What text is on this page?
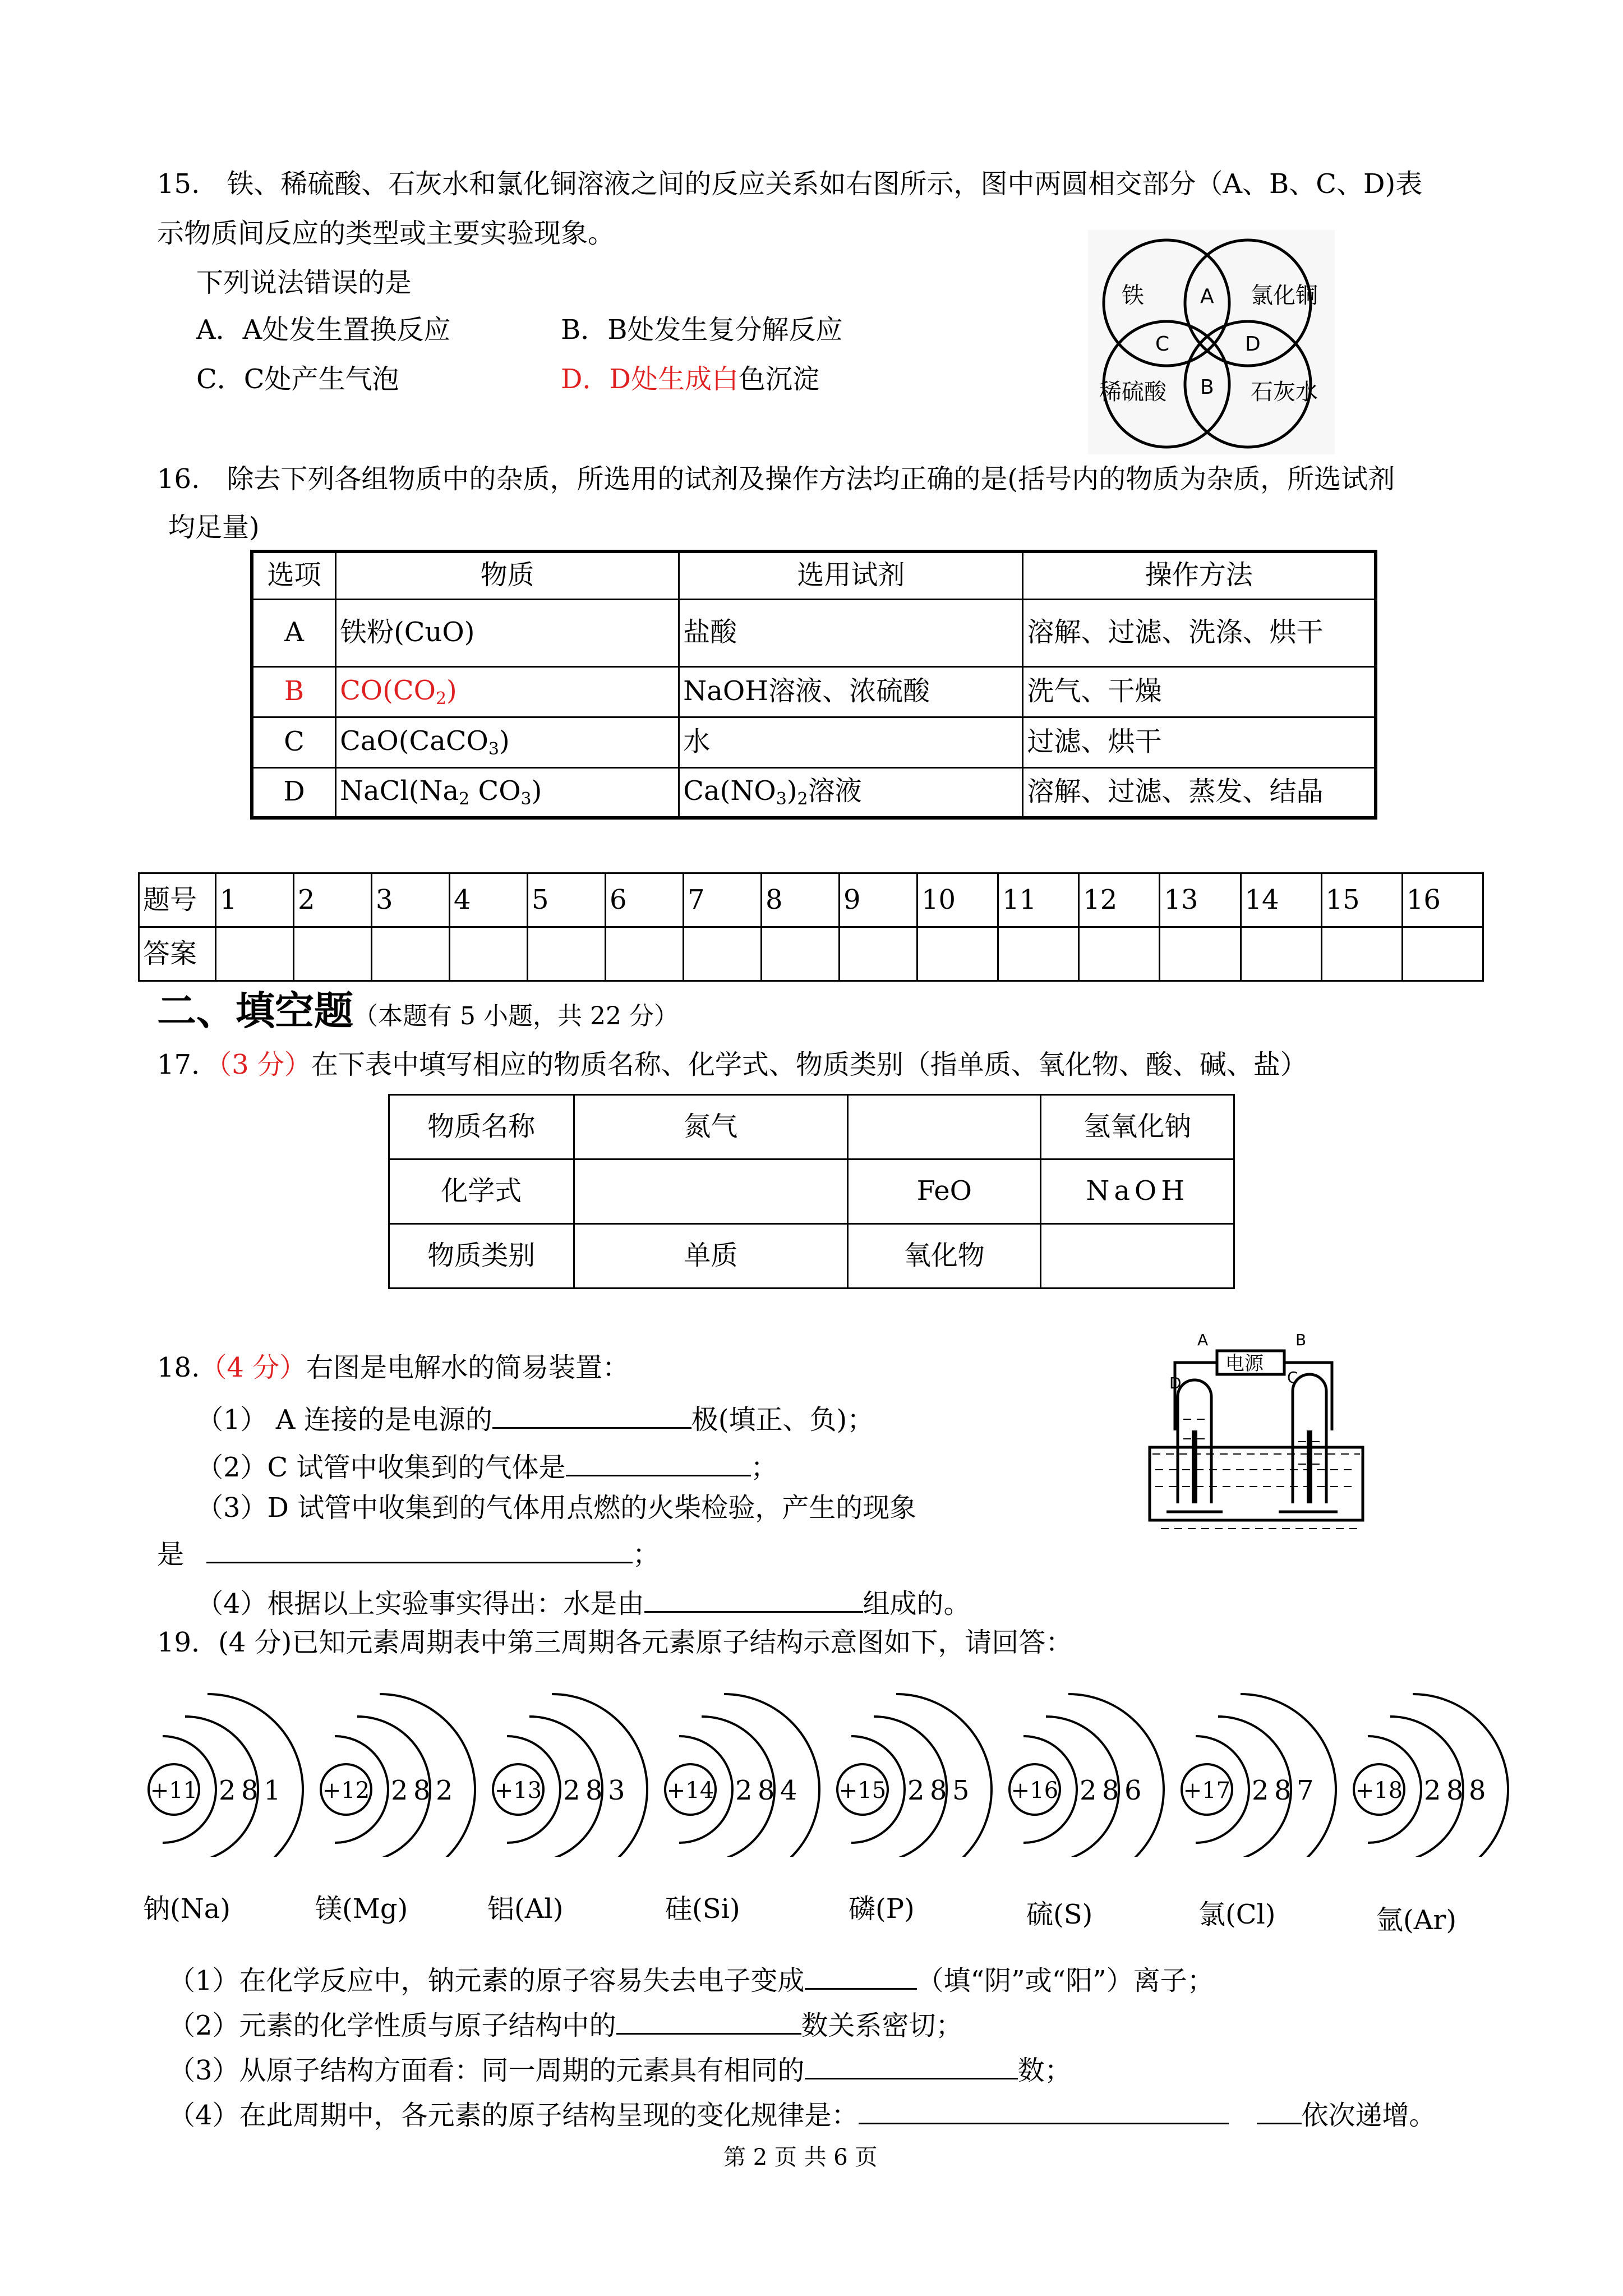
15.　铁、稀硫酸、石灰水和氯化铜溶液之间的反应关系如右图所示，图中两圆相交部分（A、B、C、D)表
示物质间反应的类型或主要实验现象。
下列说法错误的是
A．A处发生置换反应	B．B处发生复分解反应
C．C处产生气泡	D．D处生成白色沉淀
铁	氯化铜
稀硫酸	石灰水
A
B
C	D
16.　除去下列各组物质中的杂质，所选用的试剂及操作方法均正确的是(括号内的物质为杂质，所选试剂
均足量)
选项	物质	选用试剂	操作方法
A	铁粉(CuO)	盐酸	溶解、过滤、洗涤、烘干
B	$CO(CO_2)$	NaOH溶液、浓硫酸	洗气、干燥
C	CaO(CaCO$_3$)	水	过滤、烘干
D	$NaCl(Na_2$ $CO_3$)	$Ca(NO_3)_2$溶液	溶解、过滤、蒸发、结晶
题号	1	2	3	4	5	6	7	8	9	10	11	12	13	14	15	16
答案																
二、填空题（本题有 5 小题，共 22 分）
17．（3 分）在下表中填写相应的物质名称、化学式、物质类别（指单质、氧化物、酸、碱、盐）
物质名称	氮气		氢氧化钠
化学式		FeO	NaOH
物质类别	单质	氧化物	
18.（4 分）右图是电解水的简易装置：
（1） A 连接的是电源的	极(填正、负)；
（2）C 试管中收集到的气体是	；
（3）D 试管中收集到的气体用点燃的火柴检验，产生的现象
是	；
（4）根据以上实验事实得出：水是由	组成的。
电源
A	B
D	C
19．(4 分)已知元素周期表中第三周期各元素原子结构示意图如下，请回答：
+11 2 8 1
钠(Na)
+12 2 8 2
镁(Mg)
+13 2 8 3
铝(Al)
+14 2 8 4
硅(Si)
+15 2 8 5
磷(P)
+16 2 8 6
硫(S)
+17 2 8 7
氯(Cl)
+18 2 8 8
氩(Ar)
（1）在化学反应中，钠元素的原子容易失去电子变成	（填“阴”或“阳”）离子；
（2）元素的化学性质与原子结构中的	数关系密切；
（3）从原子结构方面看：同一周期的元素具有相同的	数；
（4）在此周期中，各元素的原子结构呈现的变化规律是：	依次递增。
第 2 页 共 6 页
